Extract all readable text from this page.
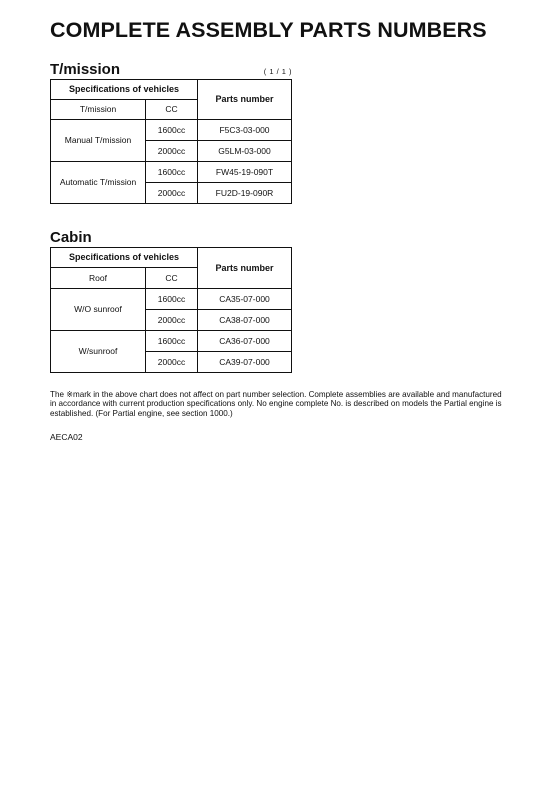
COMPLETE ASSEMBLY PARTS NUMBERS
T/mission	( 1 / 1 )
Specifications of vehicles		Parts number
T/mission	CC	
Manual T/mission	1600cc	F5C3-03-000
	2000cc	G5LM-03-000
Automatic T/mission	1600cc	FW45-19-090T
	2000cc	FU2D-19-090R
Cabin
Specifications of vehicles		Parts number
Roof	CC	
W/O sunroof	1600cc	CA35-07-000
	2000cc	CA38-07-000
W/sunroof	1600cc	CA36-07-000
	2000cc	CA39-07-000
The ※mark in the above chart does not affect on part number selection. Complete assemblies are available and manufactured in accordance with current production specifications only. No engine complete No. is described on models the Partial engine is established. (For Partial engine, see section 1000.)
AECA02
